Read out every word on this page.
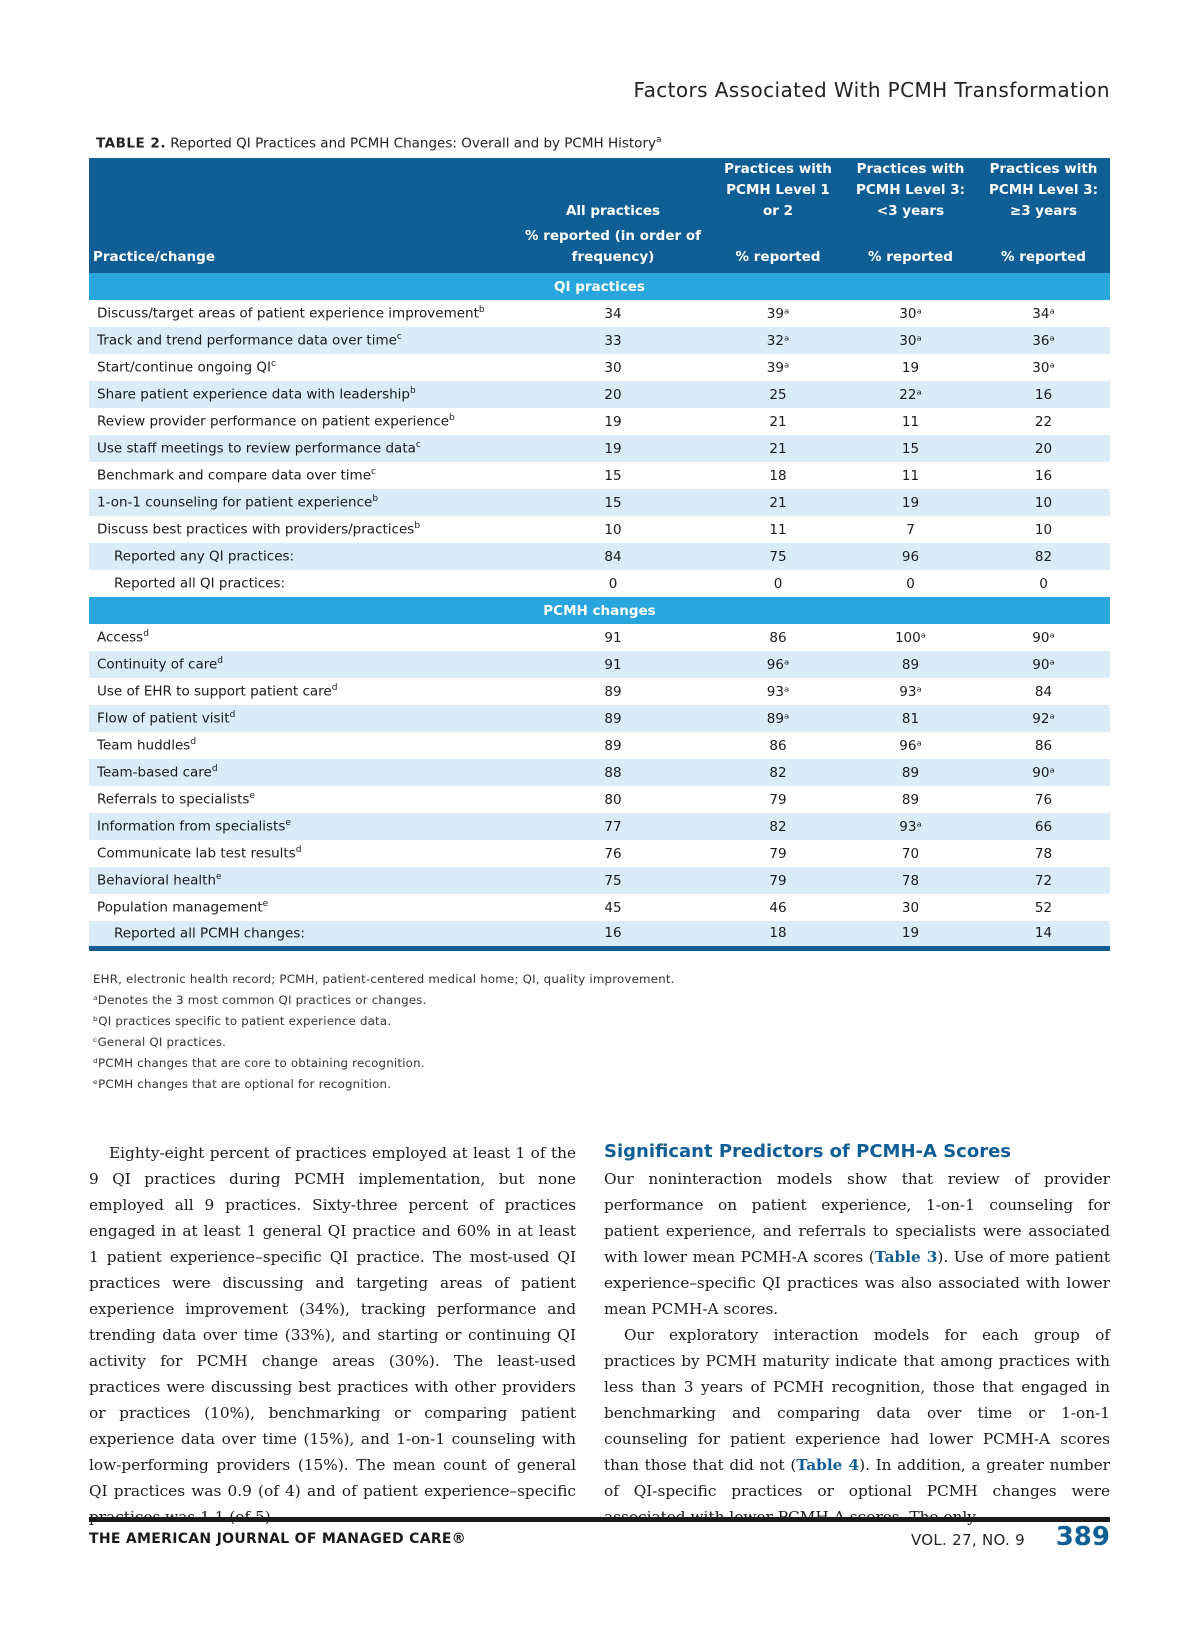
Factors Associated With PCMH Transformation
TABLE 2. Reported QI Practices and PCMH Changes: Overall and by PCMH History$^a$
	All practices	Practices with PCMH Level 1 or 2	Practices with PCMH Level 3: <3 years	Practices with PCMH Level 3: ≥3 years
Practice/change	% reported (in order of frequency)	% reported	% reported	% reported
QI practices				
Discuss/target areas of patient experience improvement$^b$	34	39ᵃ	30ᵃ	34ᵃ
Track and trend performance data over time$^c$	33	32ᵃ	30ᵃ	36ᵃ
Start/continue ongoing $QI^c$	30	39ᵃ	19	30ᵃ
Share patient experience data with leadership$^b$	20	25	22ᵃ	16
Review provider performance on patient experience$^b$	19	21	11	22
Use staff meetings to review performance data$^c$	19	21	15	20
Benchmark and compare data over time$^c$	15	18	11	16
1-on-1 counseling for patient experience$^b$	15	21	19	10
Discuss best practices with providers/practices$^b$	10	11	7	10
Reported any QI practices:	84	75	96	82
Reported all QI practices:	0	0	0	0
PCMH changes				
Access$^d$	91	86	100ᵃ	90ᵃ
Continuity of care$^d$	91	96ᵃ	89	90ᵃ
Use of EHR to support patient care$^d$	89	93ᵃ	93ᵃ	84
Flow of patient visit$^d$	89	89ᵃ	81	92ᵃ
Team huddles$^d$	89	86	96ᵃ	86
Team-based care$^d$	88	82	89	90ᵃ
Referrals to specialists$^e$	80	79	89	76
Information from specialists$^e$	77	82	93ᵃ	66
Communicate lab test results$^d$	76	79	70	78
Behavioral health$^e$	75	79	78	72
Population management$^e$	45	46	30	52
Reported all PCMH changes:	16	18	19	14
EHR, electronic health record; PCMH, patient-centered medical home; QI, quality improvement.
ᵃDenotes the 3 most common QI practices or changes.
ᵇQI practices specific to patient experience data.
ᶜGeneral QI practices.
ᵈPCMH changes that are core to obtaining recognition.
ᵉPCMH changes that are optional for recognition.

Eighty-eight percent of practices employed at least 1 of the 9 QI practices during PCMH implementation, but none employed all 9 practices. Sixty-three percent of practices engaged in at least 1 general QI practice and 60% in at least 1 patient experience–specific QI practice. The most-used QI practices were discussing and targeting areas of patient experience improvement (34%), tracking performance and trending data over time (33%), and starting or continuing QI activity for PCMH change areas (30%). The least-used practices were discussing best practices with other providers or practices (10%), benchmarking or comparing patient experience data over time (15%), and 1-on-1 counseling with low-performing providers (15%). The mean count of general QI practices was 0.9 (of 4) and of patient experience–specific

Significant Predictors of PCMH-A Scores

Our noninteraction models show that review of provider performance on patient experience, 1-on-1 counseling for patient experience, and referrals to specialists were associated with lower mean PCMH-A scores (Table 3). Use of more patient experience–specific QI practices was also associated with lower mean PCMH-A scores.

Our exploratory interaction models for each group of practices by PCMH maturity indicate that among practices with less than 3 years of PCMH recognition, those that engaged in benchmarking and comparing data over time or 1-on-1 counseling for patient experience had lower PCMH-A scores than those that did not (Table 4). In addition, a greater number of QI-specific practices or optional PCMH changes were

THE AMERICAN JOURNAL OF MANAGED CARE®	VOL. 27, NO. 9 389
